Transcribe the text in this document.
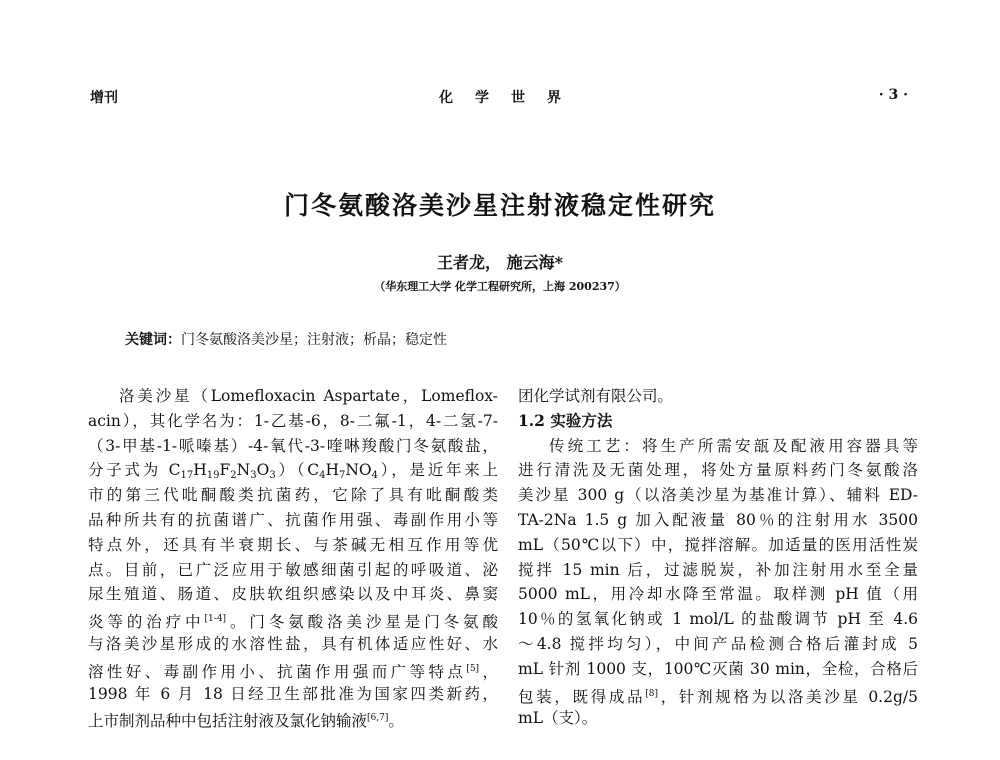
增刊	化学世界	· 3 ·
门冬氨酸洛美沙星注射液稳定性研究
王者龙， 施云海*
（华东理工大学 化学工程研究所，上海 200237）
关键词：门冬氨酸洛美沙星；注射液；析晶；稳定性
洛美沙星（Lomefloxacin Aspartate，Lomeflox-
acin），其化学名为：1-乙基-6，8-二氟-1，4-二氢-7-
（3-甲基-1-哌嗪基）-4-氧代-3-喹啉羧酸门冬氨酸盐，
分子式为 $C_{17}H_{19}F_2N_3O_3)(C_4H_7NO_4)$，是近年来上
市的第三代吡酮酸类抗菌药，它除了具有吡酮酸类
品种所共有的抗菌谱广、抗菌作用强、毒副作用小等
特点外，还具有半衰期长、与茶碱无相互作用等优
点。目前，已广泛应用于敏感细菌引起的呼吸道、泌
尿生殖道、肠道、皮肤软组织感染以及中耳炎、鼻窦
炎等的治疗中[1-4]。门冬氨酸洛美沙星是门冬氨酸
与洛美沙星形成的水溶性盐，具有机体适应性好、水
溶性好、毒副作用小、抗菌作用强而广等特点[5]，
1998 年 6 月 18 日经卫生部批准为国家四类新药，
上市制剂品种中包括注射液及氯化钠输液[6,7]。
团化学试剂有限公司。
1.2 实验方法
传统工艺：将生产所需安瓿及配液用容器具等
进行清洗及无菌处理，将处方量原料药门冬氨酸洛
美沙星 300 g（以洛美沙星为基准计算）、辅料 ED-
TA-2Na 1.5 g 加入配液量 80％的注射用水 3500
mL（50℃以下）中，搅拌溶解。加适量的医用活性炭
搅拌 15 min 后，过滤脱炭，补加注射用水至全量
5000 mL，用冷却水降至常温。取样测 pH 值（用
10％的氢氧化钠或 1 mol/L 的盐酸调节 pH 至 4.6
～4.8 搅拌均匀），中间产品检测合格后灌封成 5
mL 针剂 1000 支，100℃灭菌 30 min，全检，合格后
包装，既得成品[8]，针剂规格为以洛美沙星 0.2g/5
mL（支）。
